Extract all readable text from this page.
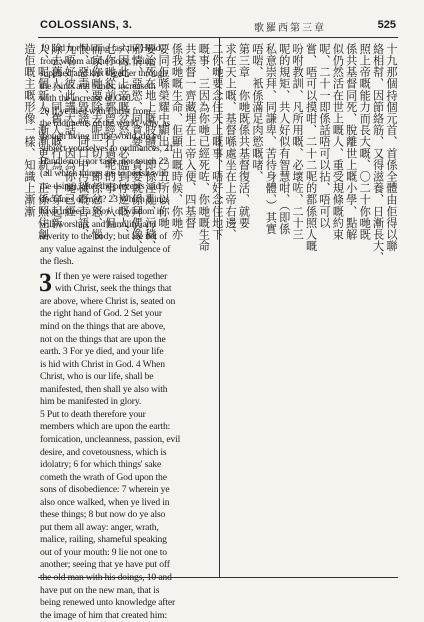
COLOSSIANS, 3.	歌羅西第三章	525
19 and not holding fast the Head,
from whom all the body, being
supplied and knit together through
the joints and bands, increaseth
with the increase of God.
20 If ye died with Christ from
the rudiments of the world, why, as
though living in the world, do ye
subject yourselves to ordinances, 21
Handle not, nor taste, nor touch 22
(all which things are to perish with
the using), after the precepts and
doctrines of men? 23 Which things
have indeed a show of wisdom in
will-worship, and humility, and
severity to the body; but are not of
any value against the indulgence of
the flesh.
3 If then ye were raised together
with Christ, seek the things that
are above, where Christ is, seated on
the right hand of God. 2 Set your
mind on the things that are above,
not on the things that are upon the
earth. 3 For ye died, and your life
is hid with Christ in God. 4 When
Christ, who is our life, shall be
manifested, then shall ye also with
him be manifested in glory.
5 Put to death therefore your
members which are upon the earth:
fornication, uncleanness, passion, evil
desire, and covetousness, which is
idolatry; 6 for which things' sake
cometh the wrath of God upon the
sons of disobedience: 7 wherein ye
also once walked, when ye lived in
these things; 8 but now do ye also
put them all away: anger, wrath,
malice, railing, shameful speaking
out of your mouth: 9 lie not one to
another; seeing that ye have put off
the old man with his doings, 10 and
have put on the new man, that is
being renewed unto knowledge after
the image of him that created him:
十九那個持個元首、首係全體由佢得以聯
絡相幇、因節絡筋、又得滋養、日漸長大、
照上帝嘅能力而長大嘅、〇二十你哋既
係共基督同死、脫離世上嘅小學、點解
似仍然活在世上嘅人、重受規條嘅約束
呢、二十一即係話唔可以拈、唔可以
嘗、唔可以摸咁、二十二呢的都係照人嘅
吩咐教訓、凡所用嘅、必壞咗、二十三
呢的規矩、共人好似有智慧咁、（即係
私意崇拜、同謙卑、苦待身體、）其實
唔啱、衹係滿足肉慾嘅啫、
第三章　你哋既係共基督復活、就要
求在天上嘅、基督喺處坐在上帝右邊、
二你哋要念住天上嘅事、唔好念住地下
嘅事、三因為你哋已經死咗、你哋嘅生命
共基督一齊藏埋在上帝入便、四基督
係我哋嘅生命、佢顯出嘅時候、你哋亦
要同佢喺榮耀中顯出、〇五所以你哋
要治死在地上嘅肢體、即係淫亂、污穢、
邪情、惡慾、同貪婪、貪婪就係拜偶像、
六因此上帝嘅忿怒、必臨到悖逆嘅人、
七你哋從前都曾經行過呢的事、八但
而家你哋要除去呢一切、即係忿怒、惱
恨、惡毒、毀謗、同口中污穢嘅言語、
九唔好彼此講大話、因為你哋已經
除去舊人、同舊人嘅行為、十穿起新
人、呢個新人、漸漸更新、正係照住創
造佢嘅主嘅形像一樣、知識上漸漸
